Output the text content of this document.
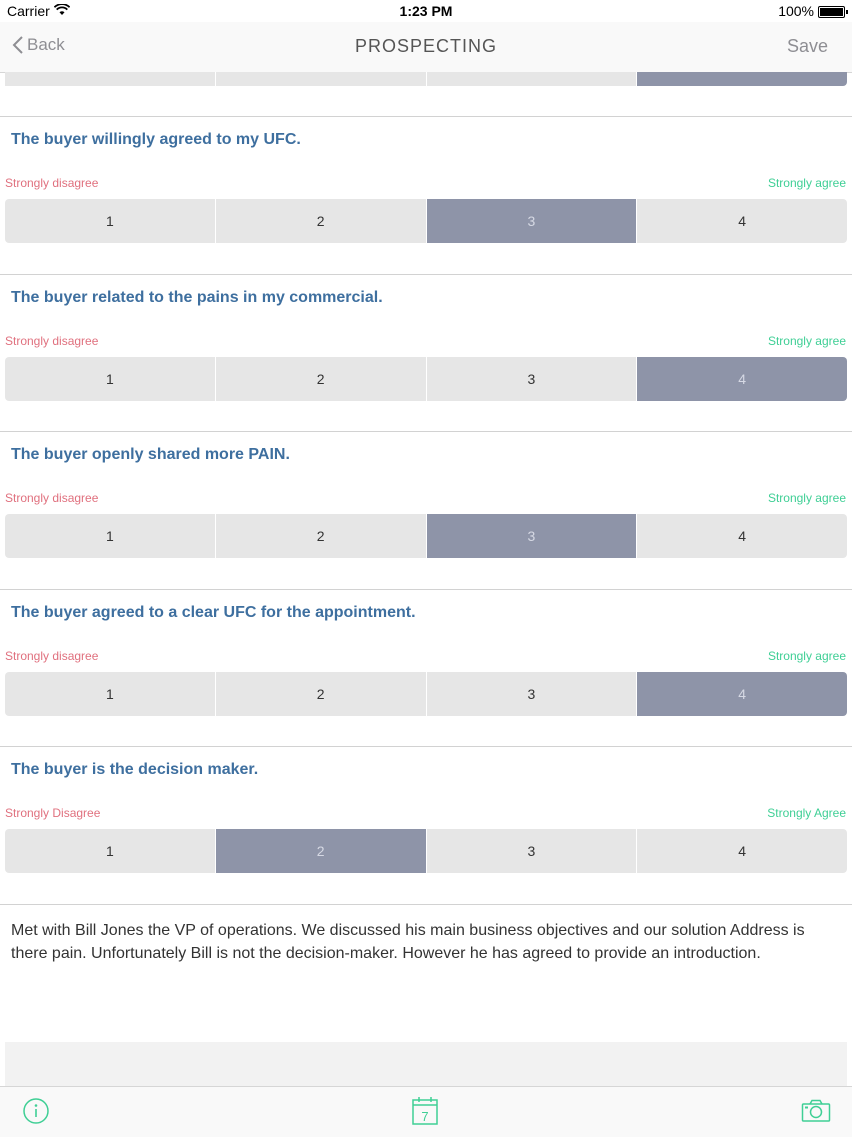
Carrier	1:23 PM	100%
Back	PROSPECTING	Save
The buyer willingly agreed to my UFC.
Strongly disagree	Strongly agree
1	2	3	4
The buyer related to the pains in my commercial.
Strongly disagree	Strongly agree
1	2	3	4
The buyer openly shared more PAIN.
Strongly disagree	Strongly agree
1	2	3	4
The buyer agreed to a clear UFC for the appointment.
Strongly disagree	Strongly agree
1	2	3	4
The buyer is the decision maker.
Strongly Disagree	Strongly Agree
1	2	3	4
Met with Bill Jones the VP of operations. We discussed his main business objectives and our solution Address is there pain. Unfortunately Bill is not the decision-maker. However he has agreed to provide an introduction.
7
